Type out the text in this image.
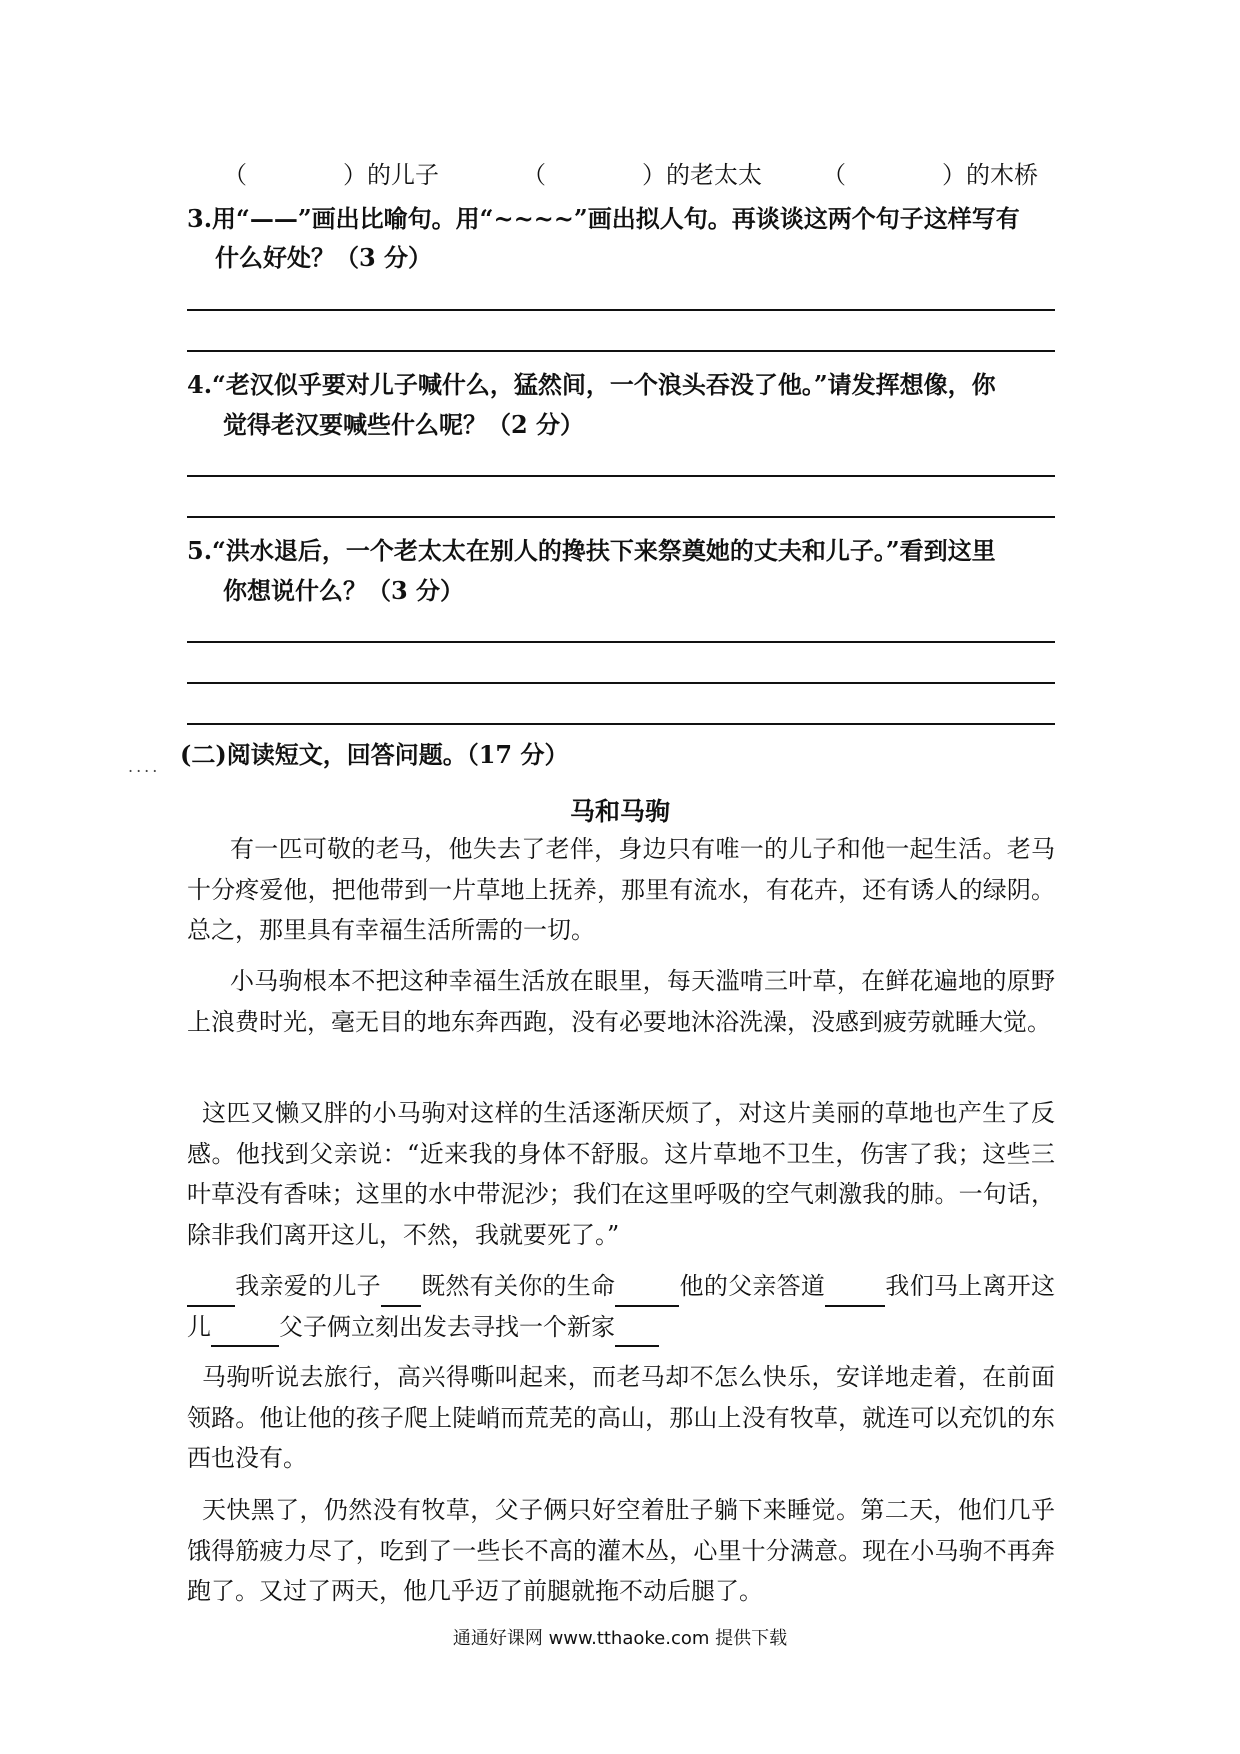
（　　　　）的儿子	（　　　　）的老太太	（　　　　）的木桥
3.用“——”画出比喻句。用“~~~~”画出拟人句。再谈谈这两个句子这样写有
什么好处？（3 分）
4.“老汉似乎要对儿子喊什么，猛然间，一个浪头吞没了他。”请发挥想像，你
觉得老汉要喊些什么呢？（2 分）
5.“洪水退后，一个老太太在别人的搀扶下来祭奠她的丈夫和儿子。”看到这里
你想说什么？（3 分）
.... (二)阅读短文，回答问题。（17 分）
马和马驹
有一匹可敬的老马，他失去了老伴，身边只有唯一的儿子和他一起生活。老马十分疼爱他，把他带到一片草地上抚养，那里有流水，有花卉，还有诱人的绿阴。总之，那里具有幸福生活所需的一切。
小马驹根本不把这种幸福生活放在眼里，每天滥啃三叶草，在鲜花遍地的原野上浪费时光，毫无目的地东奔西跑，没有必要地沐浴洗澡，没感到疲劳就睡大觉。
这匹又懒又胖的小马驹对这样的生活逐渐厌烦了，对这片美丽的草地也产生了反感。他找到父亲说：“近来我的身体不舒服。这片草地不卫生，伤害了我；这些三叶草没有香味；这里的水中带泥沙；我们在这里呼吸的空气刺激我的肺。一句话，除非我们离开这儿，不然，我就要死了。”
我亲爱的儿子 既然有关你的生命	他的父亲答道	我们马上离开这儿	父子俩立刻出发去寻找一个新家
马驹听说去旅行，高兴得嘶叫起来，而老马却不怎么快乐，安详地走着，在前面领路。他让他的孩子爬上陡峭而荒芜的高山，那山上没有牧草，就连可以充饥的东西也没有。
天快黑了，仍然没有牧草，父子俩只好空着肚子躺下来睡觉。第二天，他们几乎饿得筋疲力尽了，吃到了一些长不高的灌木丛，心里十分满意。现在小马驹不再奔跑了。又过了两天，他几乎迈了前腿就拖不动后腿了。
通通好课网 www.tthaoke.com 提供下载
